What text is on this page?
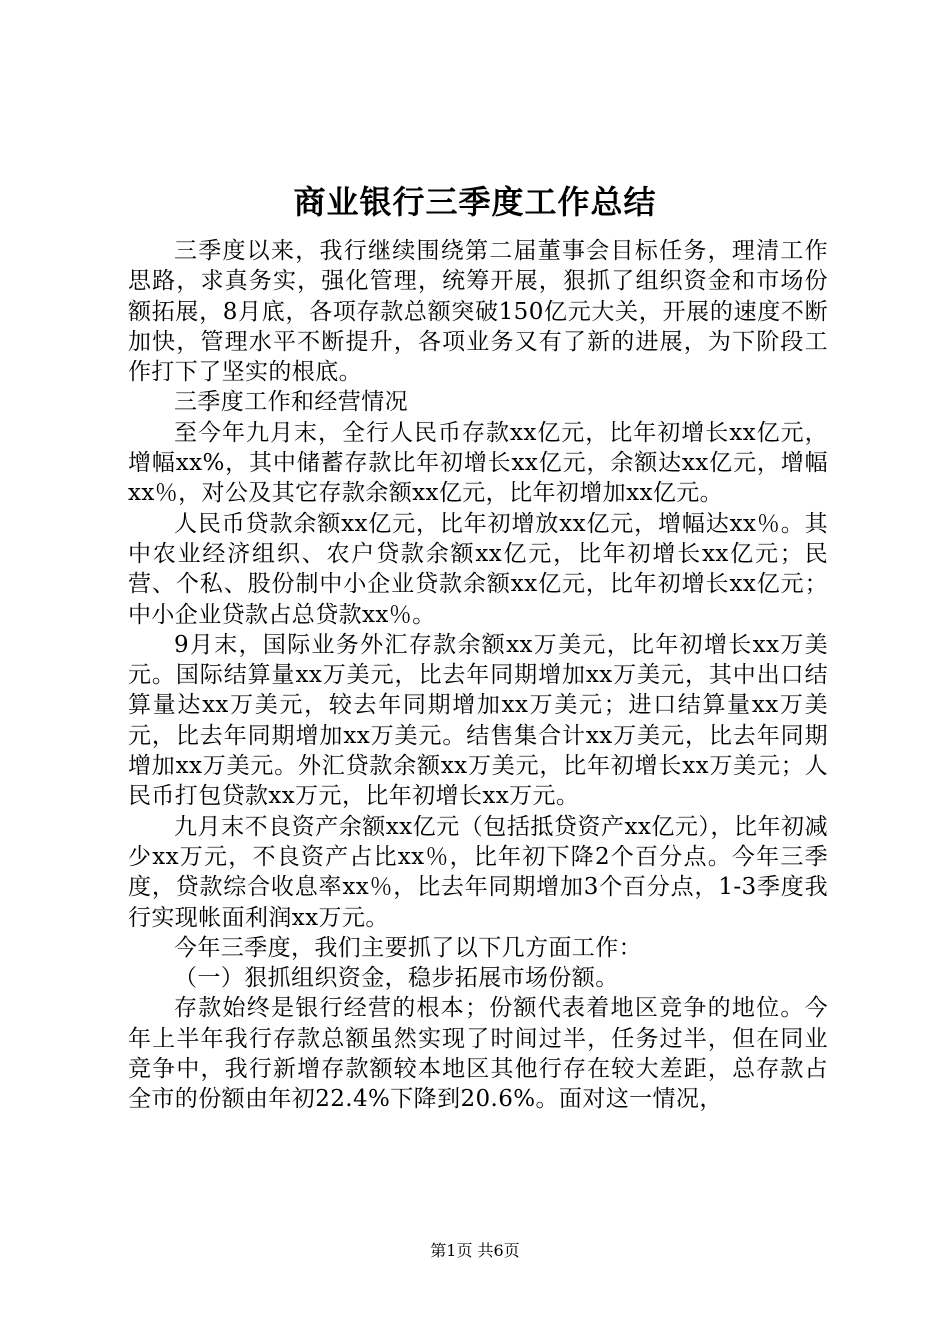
商业银行三季度工作总结

三季度以来，我行继续围绕第二届董事会目标任务，理清工作思路，求真务实，强化管理，统筹开展，狠抓了组织资金和市场份额拓展，8月底，各项存款总额突破150亿元大关，开展的速度不断加快，管理水平不断提升，各项业务又有了新的进展，为下阶段工作打下了坚实的根底。

三季度工作和经营情况

至今年九月末，全行人民币存款xx亿元，比年初增长xx亿元，增幅xx%，其中储蓄存款比年初增长xx亿元，余额达xx亿元，增幅xx％，对公及其它存款余额xx亿元，比年初增加xx亿元。

人民币贷款余额xx亿元，比年初增放xx亿元，增幅达xx％。其中农业经济组织、农户贷款余额xx亿元，比年初增长xx亿元；民营、个私、股份制中小企业贷款余额xx亿元，比年初增长xx亿元；中小企业贷款占总贷款xx％。

9月末，国际业务外汇存款余额xx万美元，比年初增长xx万美元。国际结算量xx万美元，比去年同期增加xx万美元，其中出口结算量达xx万美元，较去年同期增加xx万美元；进口结算量xx万美元，比去年同期增加xx万美元。结售集合计xx万美元，比去年同期增加xx万美元。外汇贷款余额xx万美元，比年初增长xx万美元；人民币打包贷款xx万元，比年初增长xx万元。

九月末不良资产余额xx亿元（包括抵贷资产xx亿元），比年初减少xx万元，不良资产占比xx％，比年初下降2个百分点。今年三季度，贷款综合收息率xx％，比去年同期增加3个百分点，1-3季度我行实现帐面利润xx万元。

今年三季度，我们主要抓了以下几方面工作：

（一）狠抓组织资金，稳步拓展市场份额。

存款始终是银行经营的根本；份额代表着地区竞争的地位。今年上半年我行存款总额虽然实现了时间过半，任务过半，但在同业竞争中，我行新增存款额较本地区其他行存在较大差距，总存款占全市的份额由年初22.4%下降到20.6%。面对这一情况，

第1页 共6页
